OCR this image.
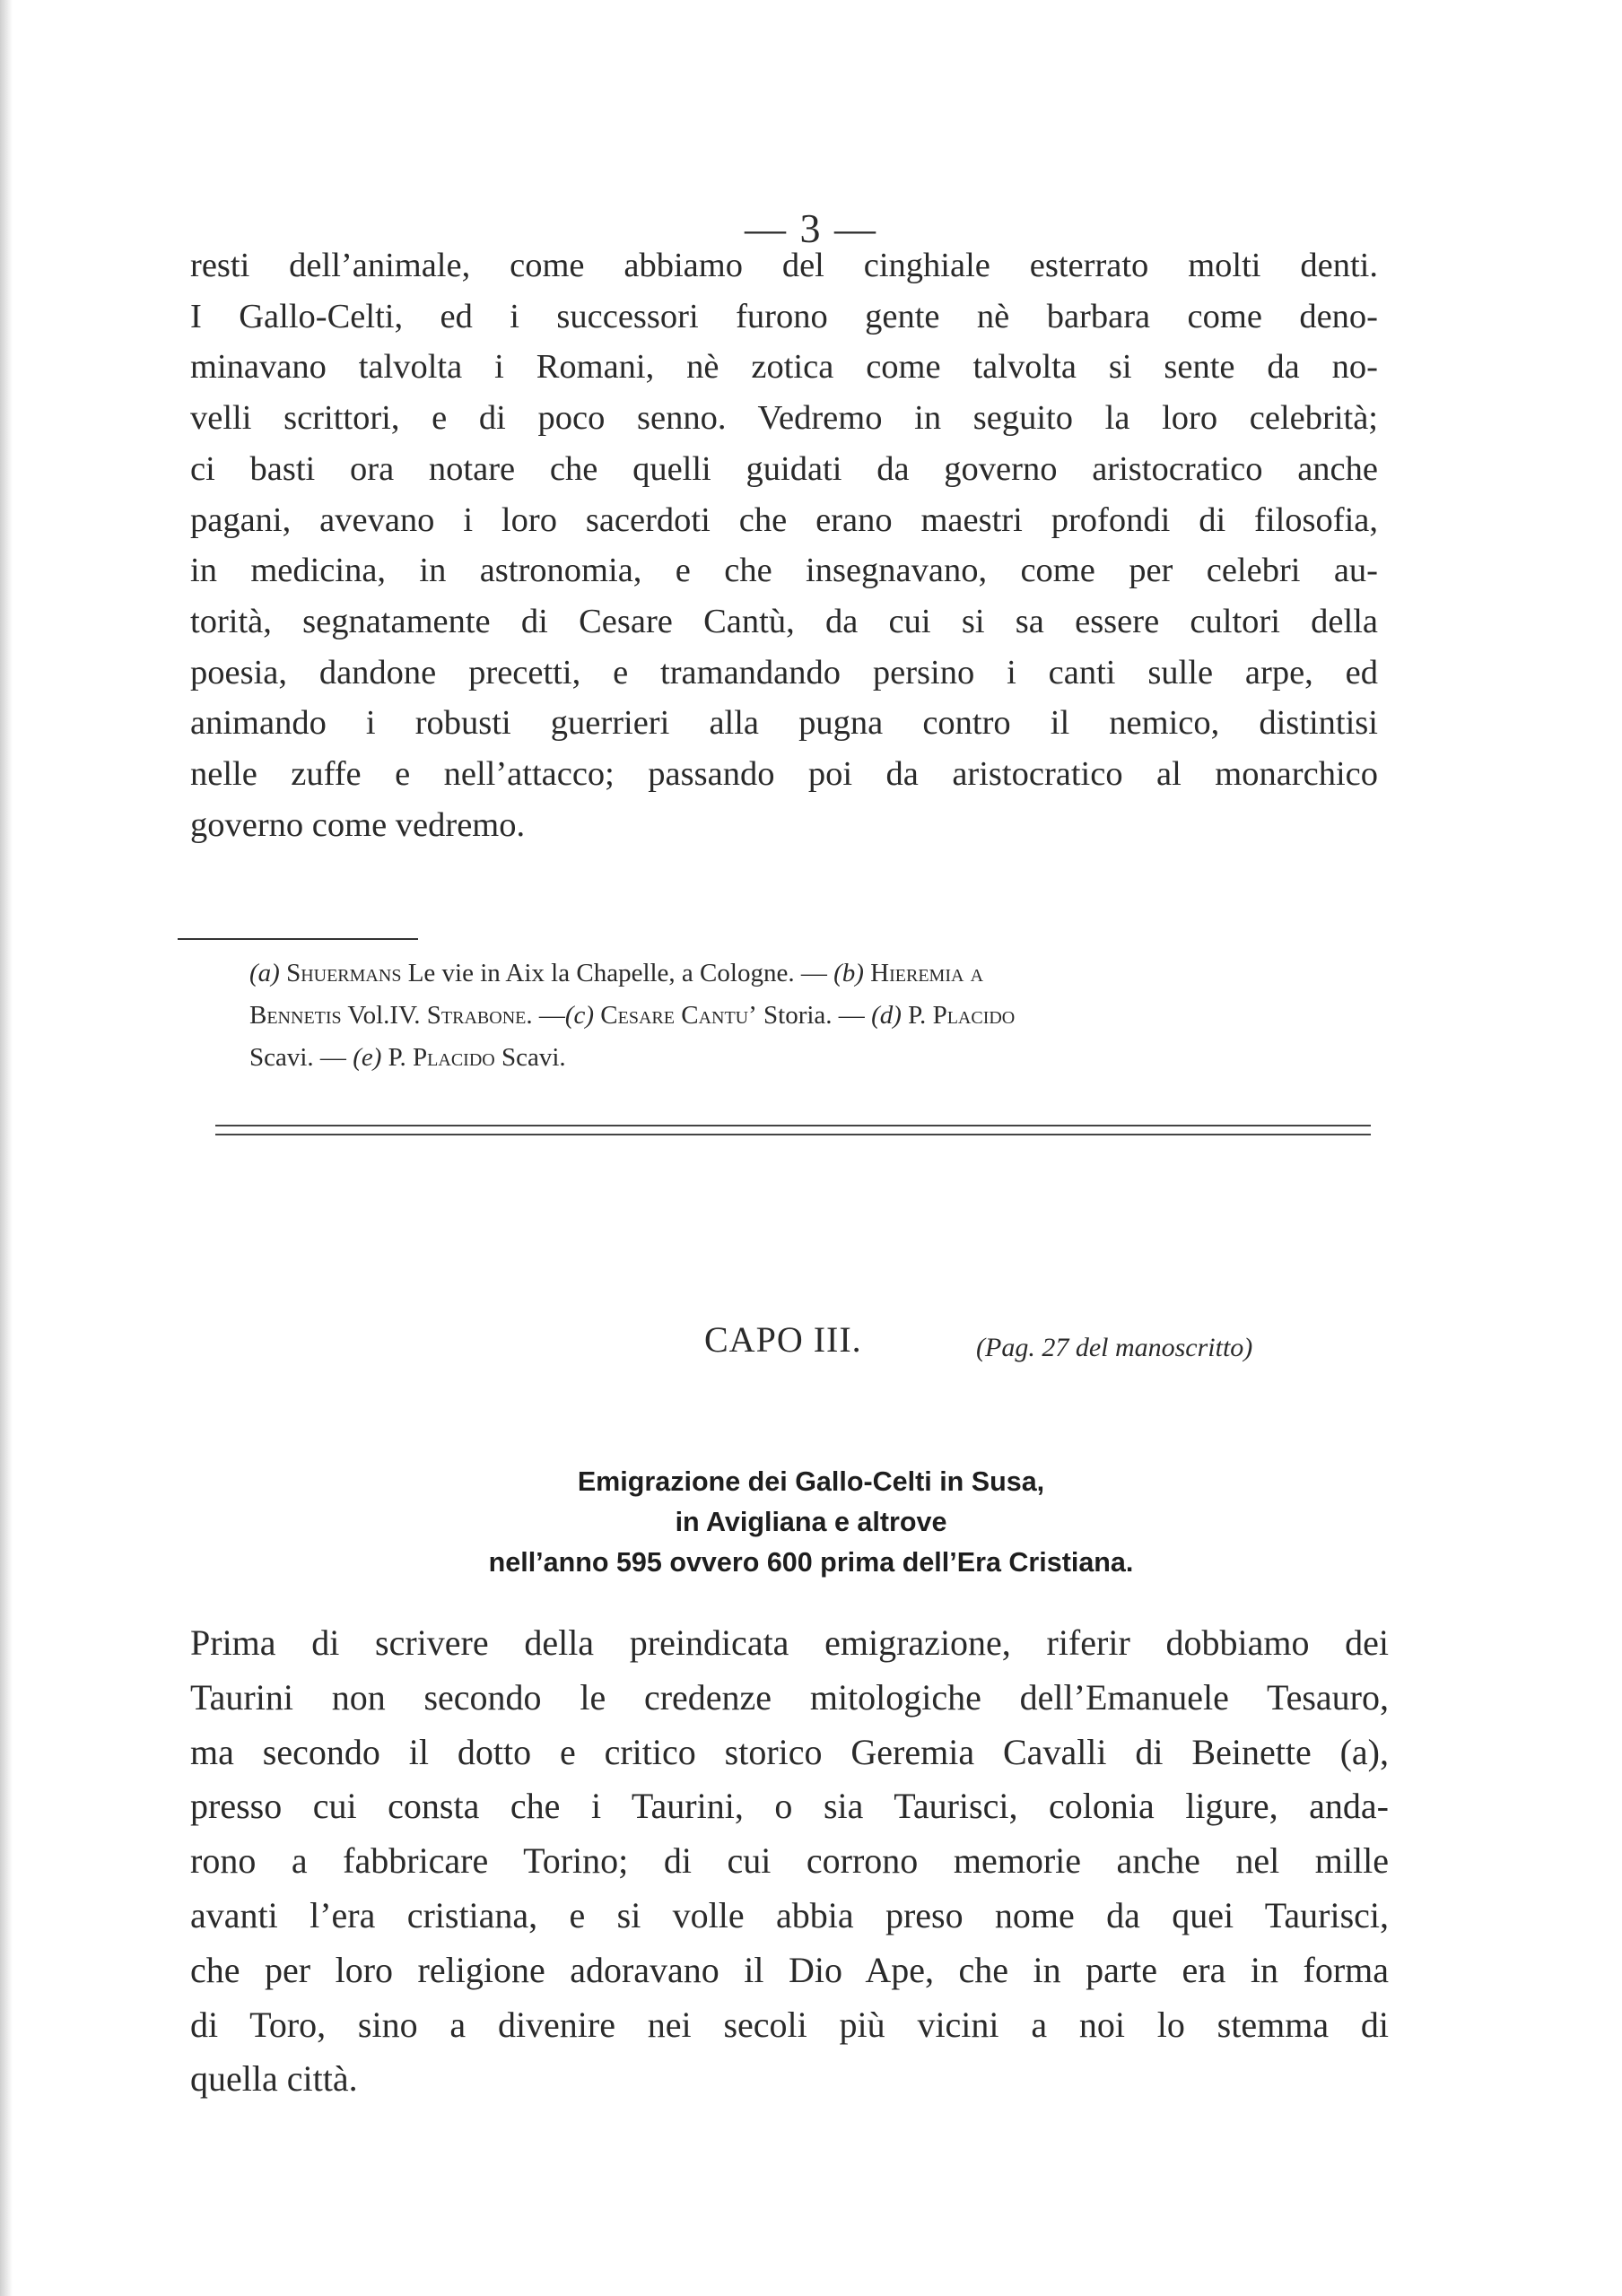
— 3 —
resti dell’animale, come abbiamo del cinghiale esterrato molti denti.
I Gallo-Celti, ed i successori furono gente nè barbara come deno-
minavano talvolta i Romani, nè zotica come talvolta si sente da no-
velli scrittori, e di poco senno. Vedremo in seguito la loro celebrità;
ci basti ora notare che quelli guidati da governo aristocratico anche
pagani, avevano i loro sacerdoti che erano maestri profondi di filosofia,
in medicina, in astronomia, e che insegnavano, come per celebri au-
torità, segnatamente di Cesare Cantù, da cui si sa essere cultori della
poesia, dandone precetti, e tramandando persino i canti sulle arpe, ed
animando i robusti guerrieri alla pugna contro il nemico, distintisi
nelle zuffe e nell’attacco; passando poi da aristocratico al monarchico
governo come vedremo.
(a) Shuermans Le vie in Aix la Chapelle, a Cologne. — (b) Hieremia a
Bennetis Vol.IV. Strabone. —(c) Cesare Cantu’ Storia. — (d) P. Placido
Scavi. — (e) P. Placido Scavi.
CAPO III.	(Pag. 27 del manoscritto)
Emigrazione dei Gallo-Celti in Susa,
in Avigliana e altrove
nell’anno 595 ovvero 600 prima dell’Era Cristiana.
Prima di scrivere della preindicata emigrazione, riferir dobbiamo dei
Taurini non secondo le credenze mitologiche dell’Emanuele Tesauro,
ma secondo il dotto e critico storico Geremia Cavalli di Beinette (a),
presso cui consta che i Taurini, o sia Taurisci, colonia ligure, anda-
rono a fabbricare Torino; di cui corrono memorie anche nel mille
avanti l’era cristiana, e si volle abbia preso nome da quei Taurisci,
che per loro religione adoravano il Dio Ape, che in parte era in forma
di Toro, sino a divenire nei secoli più vicini a noi lo stemma di
quella città.
